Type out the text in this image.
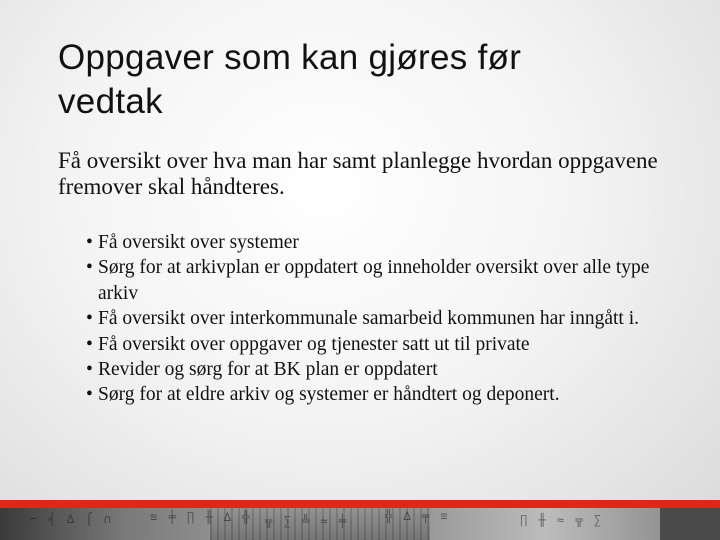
Oppgaver som kan gjøres før vedtak

Få oversikt over hva man har samt planlegge hvordan oppgavene fremover skal håndteres.

• Få oversikt over systemer
• Sørg for at arkivplan er oppdatert og inneholder oversikt over alle type arkiv
• Få oversikt over interkommunale samarbeid kommunen har inngått i.
• Få oversikt over oppgaver og tjenester satt ut til private
• Revider og sørg for at BK plan er oppdatert
• Sørg for at eldre arkiv og systemer er håndtert og deponert.
⌐ ╡ ∆ ⌠ ∩	≡ ╪ ∏ ╫ ∆ ╬ ╦ ∑ ╩ ≈ ╪	╬ ∆ ╤ ≡	∏ ╫ ≈ ╦ ∑
